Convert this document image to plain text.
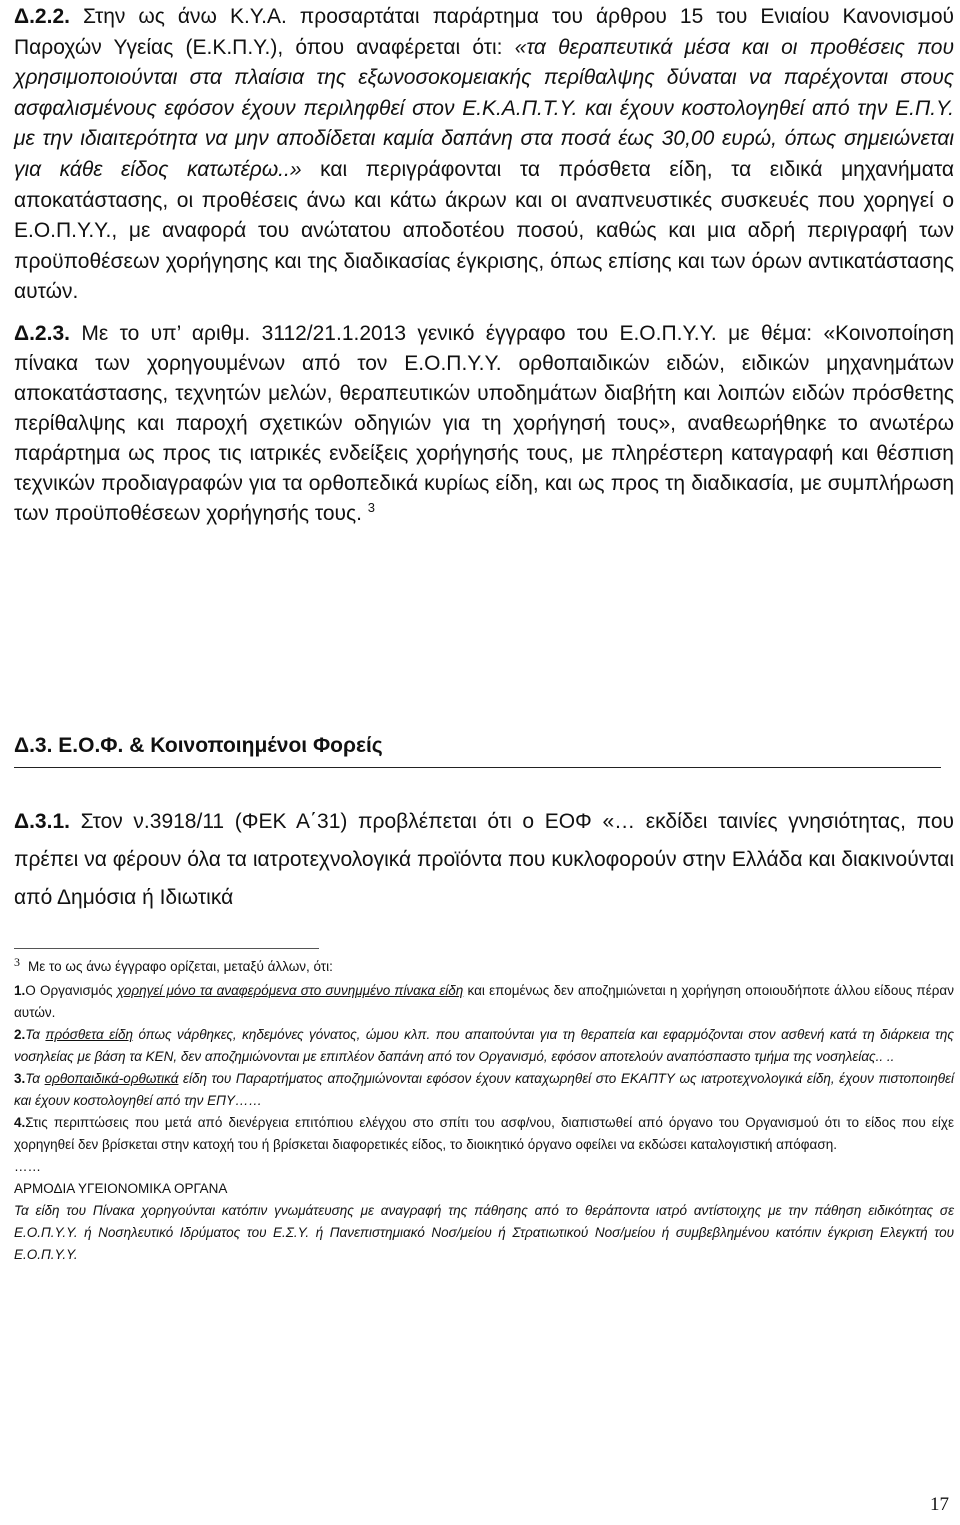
Δ.2.2. Στην ως άνω Κ.Υ.Α. προσαρτάται παράρτημα του άρθρου 15 του Ενιαίου Κανονισμού Παροχών Υγείας (Ε.Κ.Π.Υ.), όπου αναφέρεται ότι: «τα θεραπευτικά μέσα και οι προθέσεις που χρησιμοποιούνται στα πλαίσια της εξωνοσοκομειακής περίθαλψης δύναται να παρέχονται στους ασφαλισμένους εφόσον έχουν περιληφθεί στον Ε.Κ.Α.Π.Τ.Υ. και έχουν κοστολογηθεί από την Ε.Π.Υ. με την ιδιαιτερότητα να μην αποδίδεται καμία δαπάνη στα ποσά έως 30,00 ευρώ, όπως σημειώνεται για κάθε είδος κατωτέρω..» και περιγράφονται τα πρόσθετα είδη, τα ειδικά μηχανήματα αποκατάστασης, οι προθέσεις άνω και κάτω άκρων και οι αναπνευστικές συσκευές που χορηγεί ο Ε.Ο.Π.Υ.Υ., με αναφορά του ανώτατου αποδοτέου ποσού, καθώς και μια αδρή περιγραφή των προϋποθέσεων χορήγησης και της διαδικασίας έγκρισης, όπως επίσης και των όρων αντικατάστασης αυτών.

Δ.2.3. Με το υπ’ αριθμ. 3112/21.1.2013 γενικό έγγραφο του Ε.Ο.Π.Υ.Υ. με θέμα: «Κοινοποίηση πίνακα των χορηγουμένων από τον Ε.Ο.Π.Υ.Υ. ορθοπαιδικών ειδών, ειδικών μηχανημάτων αποκατάστασης, τεχνητών μελών, θεραπευτικών υποδημάτων διαβήτη και λοιπών ειδών πρόσθετης περίθαλψης και παροχή σχετικών οδηγιών για τη χορήγησή τους», αναθεωρήθηκε το ανωτέρω παράρτημα ως προς τις ιατρικές ενδείξεις χορήγησής τους, με πληρέστερη καταγραφή και θέσπιση τεχνικών προδιαγραφών για τα ορθοπεδικά κυρίως είδη, και ως προς τη διαδικασία, με συμπλήρωση των προϋποθέσεων χορήγησής τους. $^3$

Δ.3. Ε.Ο.Φ. & Κοινοποιημένοι Φορείς

Δ.3.1. Στον ν.3918/11 (ΦΕΚ Α΄31) προβλέπεται ότι ο ΕΟΦ «… εκδίδει ταινίες γνησιότητας, που πρέπει να φέρουν όλα τα ιατροτεχνολογικά προϊόντα που κυκλοφορούν στην Ελλάδα και διακινούνται από Δημόσια ή Ιδιωτικά

3 Με το ως άνω έγγραφο ορίζεται, μεταξύ άλλων, ότι:

1.Ο Οργανισμός χορηγεί μόνο τα αναφερόμενα στο συνημμένο πίνακα είδη και επομένως δεν αποζημιώνεται η χορήγηση οποιουδήποτε άλλου είδους πέραν αυτών.

2.Τα πρόσθετα είδη όπως νάρθηκες, κηδεμόνες γόνατος, ώμου κλπ. που απαιτούνται για τη θεραπεία και εφαρμόζονται στον ασθενή κατά τη διάρκεια της νοσηλείας με βάση τα ΚΕΝ, δεν αποζημιώνονται με επιπλέον δαπάνη από τον Οργανισμό, εφόσον αποτελούν αναπόσπαστο τμήμα της νοσηλείας.. ..

3.Τα ορθοπαιδικά-ορθωτικά είδη του Παραρτήματος αποζημιώνονται εφόσον έχουν καταχωρηθεί στο ΕΚΑΠΤΥ ως ιατροτεχνολογικά είδη, έχουν πιστοποιηθεί και έχουν κοστολογηθεί από την ΕΠΥ……

4.Στις περιπτώσεις που μετά από διενέργεια επιτόπιου ελέγχου στο σπίτι του ασφ/νου, διαπιστωθεί από όργανο του Οργανισμού ότι το είδος που είχε χορηγηθεί δεν βρίσκεται στην κατοχή του ή βρίσκεται διαφορετικές είδος, το διοικητικό όργανο οφείλει να εκδώσει καταλογιστική απόφαση.

……

ΑΡΜΟΔΙΑ ΥΓΕΙΟΝΟΜΙΚΑ ΟΡΓΑΝΑ

Τα είδη του Πίνακα χορηγούνται κατόπιν γνωμάτευσης με αναγραφή της πάθησης από το θεράποντα ιατρό αντίστοιχης με την πάθηση ειδικότητας σε Ε.Ο.Π.Υ.Υ. ή Νοσηλευτικό Ιδρύματος του Ε.Σ.Υ. ή Πανεπιστημιακό Νοσ/μείου ή Στρατιωτικού Νοσ/μείου ή συμβεβλημένου κατόπιν έγκριση Ελεγκτή του Ε.Ο.Π.Υ.Υ.

17
